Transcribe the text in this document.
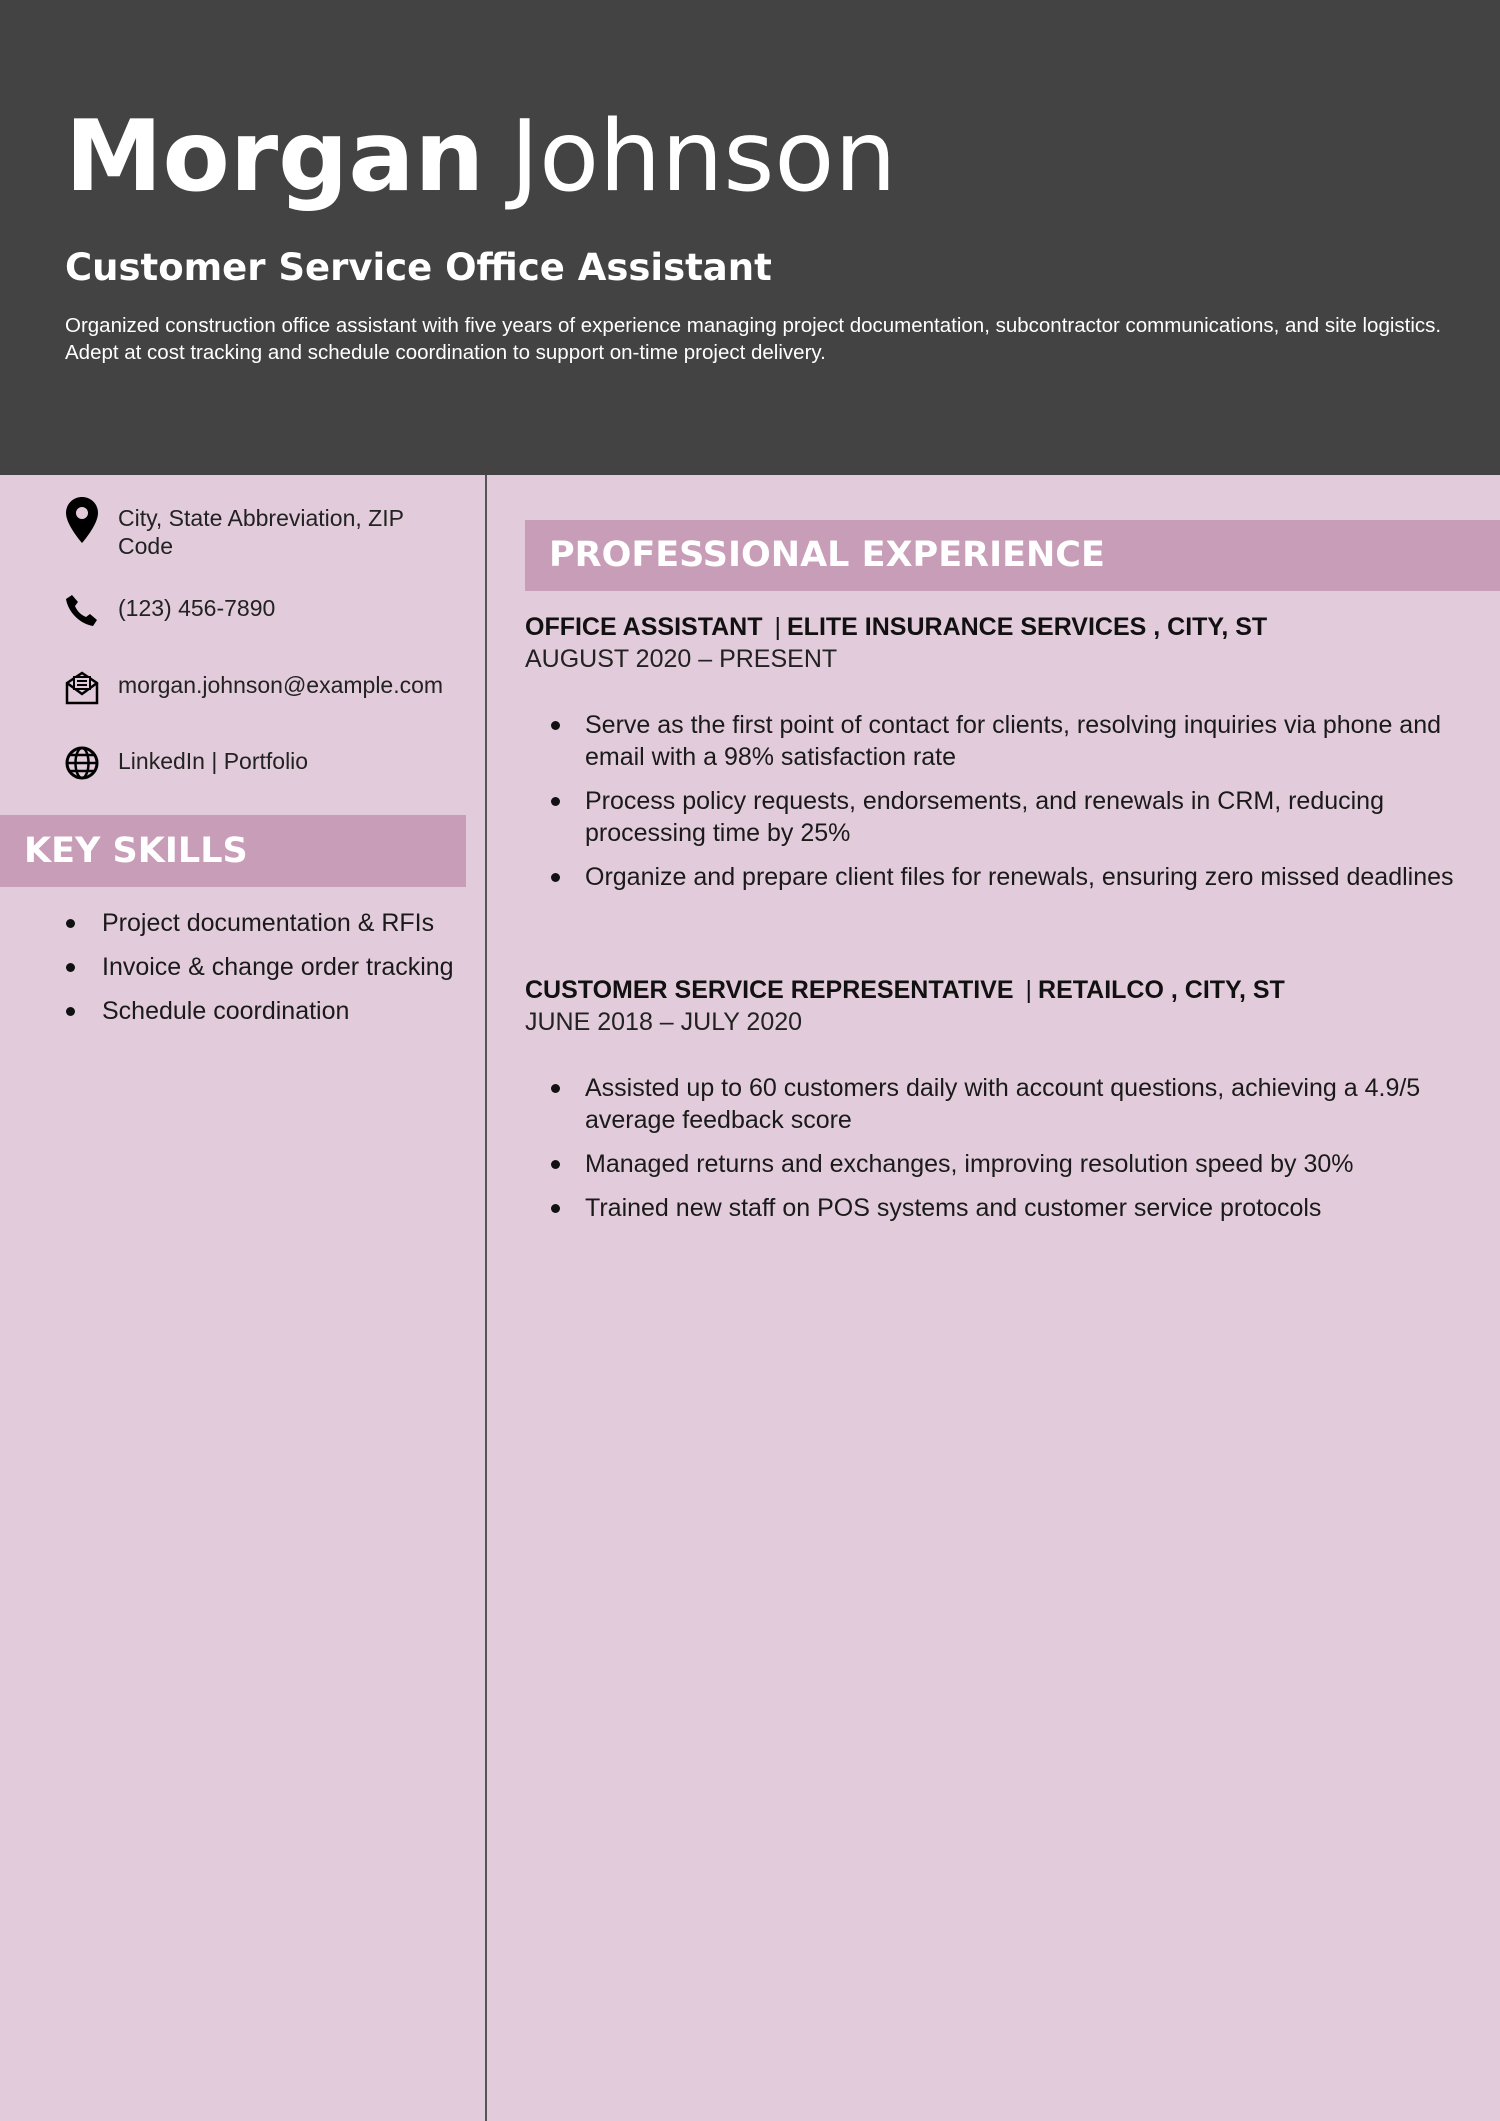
Morgan Johnson
Customer Service Office Assistant
Organized construction office assistant with five years of experience managing project documentation, subcontractor communications, and site logistics. Adept at cost tracking and schedule coordination to support on-time project delivery.
City, State Abbreviation, ZIP Code
(123) 456-7890
morgan.johnson@example.com
LinkedIn | Portfolio
KEY SKILLS
Project documentation & RFIs
Invoice & change order tracking
Schedule coordination
PROFESSIONAL EXPERIENCE
OFFICE ASSISTANT | ELITE INSURANCE SERVICES , CITY, ST
AUGUST 2020 – PRESENT
Serve as the first point of contact for clients, resolving inquiries via phone and email with a 98% satisfaction rate
Process policy requests, endorsements, and renewals in CRM, reducing processing time by 25%
Organize and prepare client files for renewals, ensuring zero missed deadlines
CUSTOMER SERVICE REPRESENTATIVE | RETAILCO , CITY, ST
JUNE 2018 – JULY 2020
Assisted up to 60 customers daily with account questions, achieving a 4.9/5 average feedback score
Managed returns and exchanges, improving resolution speed by 30%
Trained new staff on POS systems and customer service protocols
